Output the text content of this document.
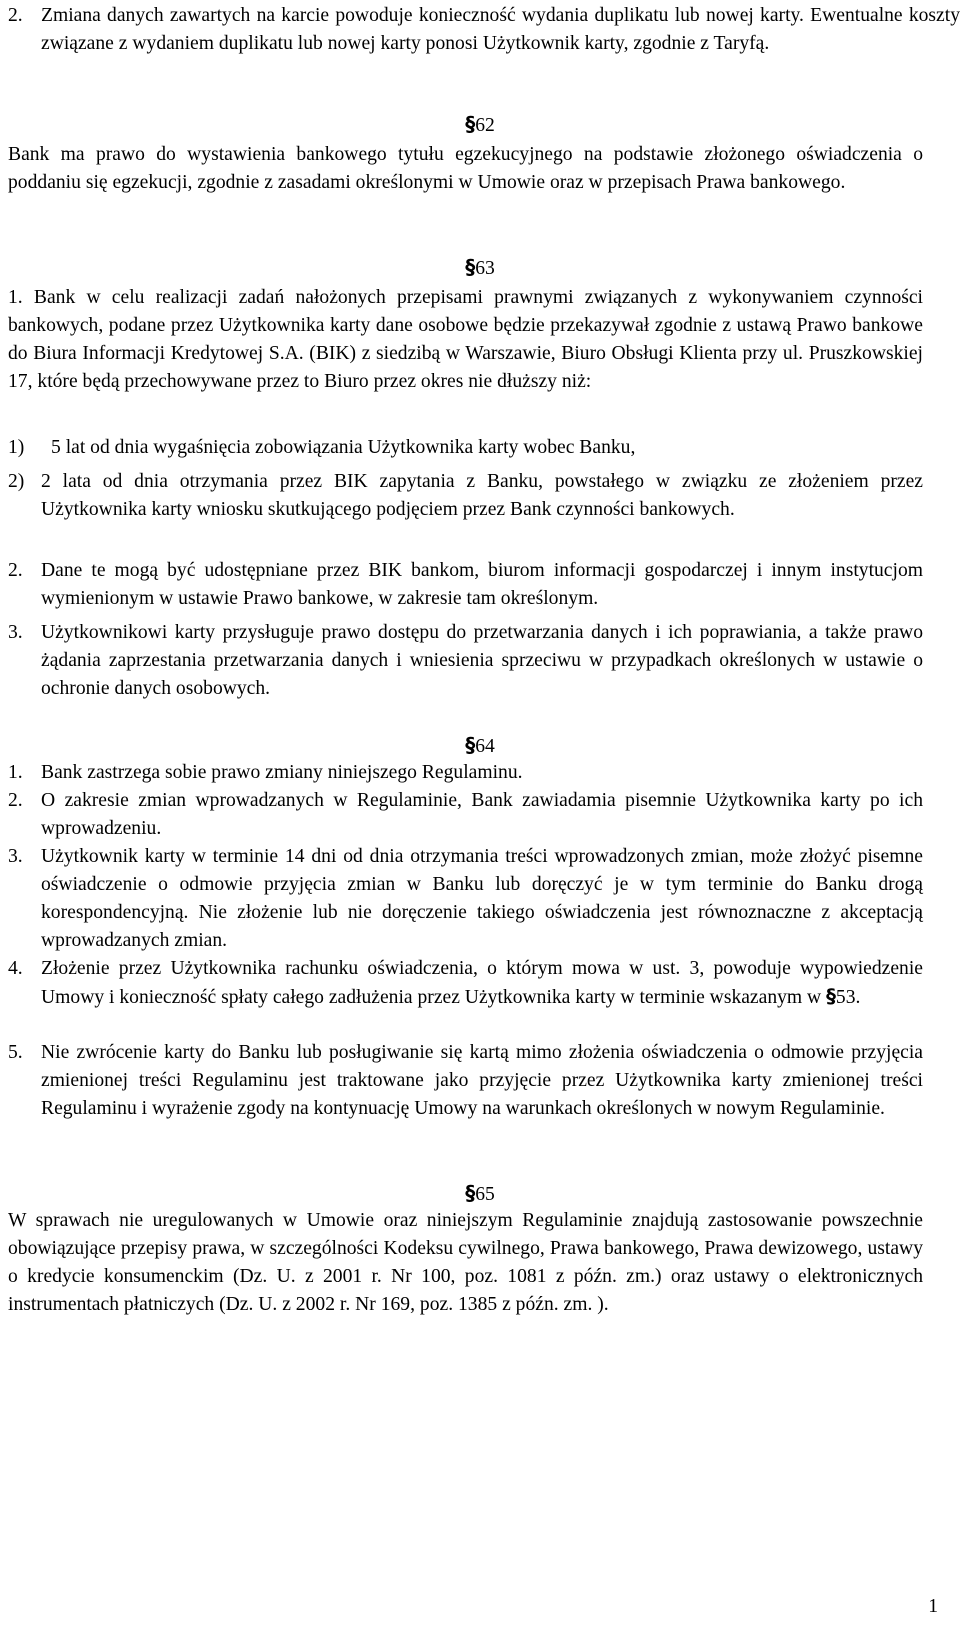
2. Zmiana danych zawartych na karcie powoduje konieczność wydania duplikatu lub nowej karty. Ewentualne koszty związane z wydaniem duplikatu lub nowej karty ponosi Użytkownik karty, zgodnie z Taryfą.

§62

Bank ma prawo do wystawienia bankowego tytułu egzekucyjnego na podstawie złożonego oświadczenia o poddaniu się egzekucji, zgodnie z zasadami określonymi w Umowie oraz w przepisach Prawa bankowego.

§63

1. Bank w celu realizacji zadań nałożonych przepisami prawnymi związanych z wykonywaniem czynności bankowych, podane przez Użytkownika karty dane osobowe będzie przekazywał zgodnie z ustawą Prawo bankowe do Biura Informacji Kredytowej S.A. (BIK) z siedzibą w Warszawie, Biuro Obsługi Klienta przy ul. Pruszkowskiej 17, które będą przechowywane przez to Biuro przez okres nie dłuższy niż:

1) 5 lat od dnia wygaśnięcia zobowiązania Użytkownika karty wobec Banku,

2) 2 lata od dnia otrzymania przez BIK zapytania z Banku, powstałego w związku ze złożeniem przez Użytkownika karty wniosku skutkującego podjęciem przez Bank czynności bankowych.

2. Dane te mogą być udostępniane przez BIK bankom, biurom informacji gospodarczej i innym instytucjom wymienionym w ustawie Prawo bankowe, w zakresie tam określonym.

3. Użytkownikowi karty przysługuje prawo dostępu do przetwarzania danych i ich poprawiania, a także prawo żądania zaprzestania przetwarzania danych i wniesienia sprzeciwu w przypadkach określonych w ustawie o ochronie danych osobowych.

§64

1. Bank zastrzega sobie prawo zmiany niniejszego Regulaminu.

2. O zakresie zmian wprowadzanych w Regulaminie, Bank zawiadamia pisemnie Użytkownika karty po ich wprowadzeniu.

3. Użytkownik karty w terminie 14 dni od dnia otrzymania treści wprowadzonych zmian, może złożyć pisemne oświadczenie o odmowie przyjęcia zmian w Banku lub doręczyć je w tym terminie do Banku drogą korespondencyjną. Nie złożenie lub nie doręczenie takiego oświadczenia jest równoznaczne z akceptacją wprowadzanych zmian.

4. Złożenie przez Użytkownika rachunku oświadczenia, o którym mowa w ust. 3, powoduje wypowiedzenie Umowy i konieczność spłaty całego zadłużenia przez Użytkownika karty w terminie wskazanym w §53.

5. Nie zwrócenie karty do Banku lub posługiwanie się kartą mimo złożenia oświadczenia o odmowie przyjęcia zmienionej treści Regulaminu jest traktowane jako przyjęcie przez Użytkownika karty zmienionej treści Regulaminu i wyrażenie zgody na kontynuację Umowy na warunkach określonych w nowym Regulaminie.

§65

W sprawach nie uregulowanych w Umowie oraz niniejszym Regulaminie znajdują zastosowanie powszechnie obowiązujące przepisy prawa, w szczególności Kodeksu cywilnego, Prawa bankowego, Prawa dewizowego, ustawy o kredycie konsumenckim (Dz. U. z 2001 r. Nr 100, poz. 1081 z późn. zm.) oraz ustawy o elektronicznych instrumentach płatniczych (Dz. U. z 2002 r. Nr 169, poz. 1385 z późn. zm. ).

1
